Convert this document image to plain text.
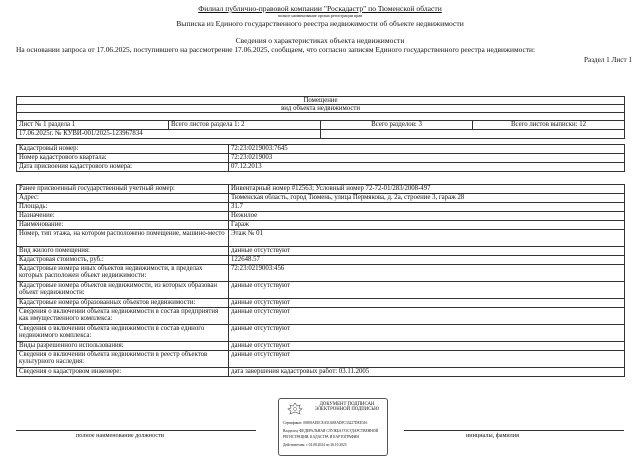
Филиал публично-правовой компании "Роскадастр" по Тюменской области
полное наименование органа регистрации прав
Выписка из Единого государственного реестра недвижимости об объекте недвижимости
Сведения о характеристиках объекта недвижимости
На основании запроса от 17.06.2025, поступившего на рассмотрение 17.06.2025, сообщаем, что согласно записям Единого государственного реестра недвижимости:
Раздел 1 Лист 1
Помещение			
вид объекта недвижимости			

Лист № 1 раздела 1	Всего листов раздела 1: 2	Всего разделов: 3	Всего листов выписки: 12
17.06.2025г. № КУВИ-001/2025-123967834			
Кадастровый номер:	72:23:0219003:7645
Номер кадастрового квартала:	72:23:0219003
Дата присвоения кадастрового номера:	07.12.2013
Ранее присвоенный государственный учетный номер:	Инвентарный номер #12563; Условный номер 72-72-01/283/2008-497
Адрес:	Тюменская область, город Тюмень, улица Пермякова, д. 2а, строение 3, гараж 28
Площадь:	31.7
Назначение:	Нежилое
Наименование:	Гараж
Номер, тип этажа, на котором расположено помещение, машино-место	Этаж № 01
Вид жилого помещения:	данные отсутствуют
Кадастровая стоимость, руб.:	122648.57
Кадастровые номера иных объектов недвижимости, в пределах которых расположен объект недвижимости:	72:23:0219003:456
Кадастровые номера объектов недвижимости, из которых образован объект недвижимости:	данные отсутствуют
Кадастровые номера образованных объектов недвижимости:	данные отсутствуют
Сведения о включении объекта недвижимости в состав предприятия как имущественного комплекса:	данные отсутствуют
Сведения о включении объекта недвижимости в состав единого недвижимого комплекса:	данные отсутствуют
Виды разрешенного использования:	данные отсутствуют
Сведения о включении объекта недвижимости в реестр объектов культурного наследия:	данные отсутствуют
Сведения о кадастровом инженере:	дата завершения кадастровых работ: 03.11.2005
полное наименование должности
ДОКУМЕНТ ПОДПИСАН
ЭЛЕКТРОННОЙ ПОДПИСЬЮ
Сертификат: 00695AEECEA5C6E8ADFC33227DEE316
Владелец: ФЕДЕРАЛЬНАЯ СЛУЖБА ГОСУДАРСТВЕННОЙ
РЕГИСТРАЦИИ, КАДАСТРА И КАРТОГРАФИИ
Действителен: с 02.08.2024 по 26.10.2025
инициалы, фамилия
